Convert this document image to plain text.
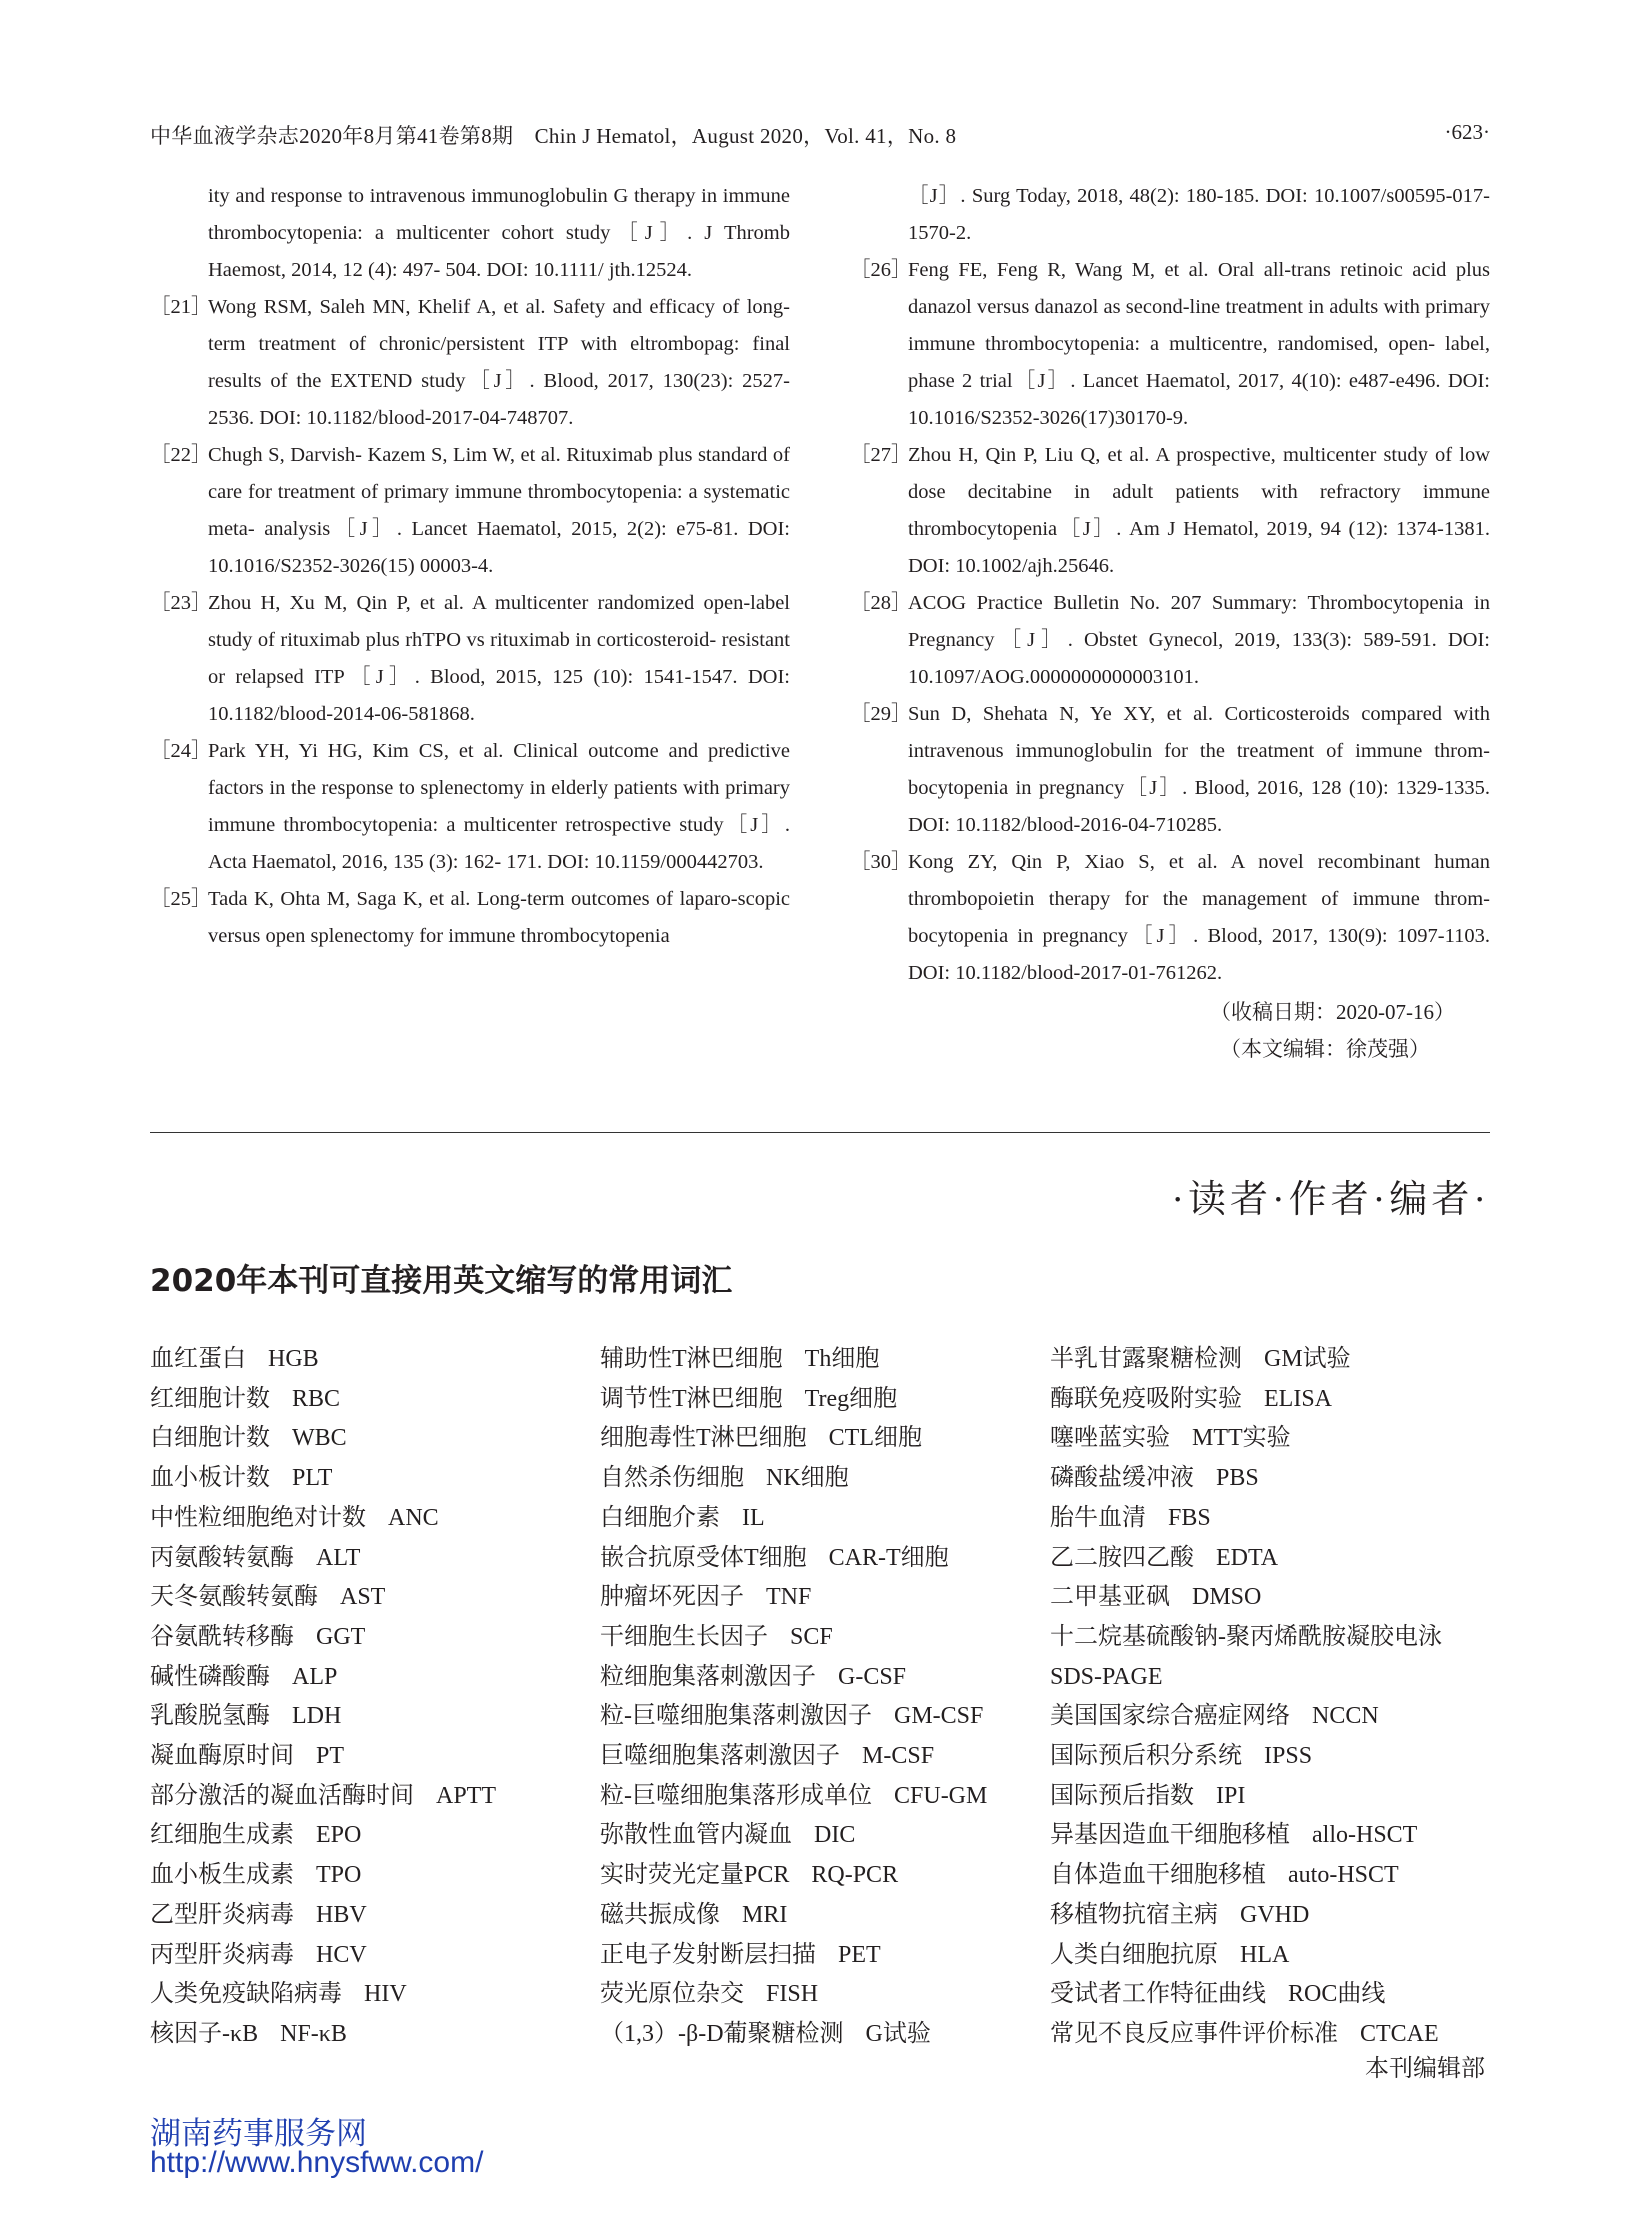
中华血液学杂志2020年8月第41卷第8期　Chin J Hematol，August 2020，Vol. 41，No. 8	·623·
ity and response to intravenous immunoglobulin G therapy in immune thrombocytopenia: a multicenter cohort study［J］. J Thromb Haemost, 2014, 12 (4): 497- 504. DOI: 10.1111/ jth.12524.
［21］
Wong RSM, Saleh MN, Khelif A, et al. Safety and efficacy of long-term treatment of chronic/persistent ITP with eltrombopag: final results of the EXTEND study［J］. Blood, 2017, 130(23): 2527-2536. DOI: 10.1182/blood-2017-04-748707.
［22］
Chugh S, Darvish- Kazem S, Lim W, et al. Rituximab plus standard of care for treatment of primary immune thrombocytopenia: a systematic meta- analysis［J］. Lancet Haematol, 2015, 2(2): e75-81. DOI: 10.1016/S2352-3026(15) 00003-4.
［23］
Zhou H, Xu M, Qin P, et al. A multicenter randomized open-label study of rituximab plus rhTPO vs rituximab in corticosteroid- resistant or relapsed ITP［J］. Blood, 2015, 125 (10): 1541-1547. DOI: 10.1182/blood-2014-06-581868.
［24］
Park YH, Yi HG, Kim CS, et al. Clinical outcome and predictive factors in the response to splenectomy in elderly patients with primary immune thrombocytopenia: a multicenter retrospective study［J］. Acta Haematol, 2016, 135 (3): 162- 171. DOI: 10.1159/000442703.
［25］
Tada K, Ohta M, Saga K, et al. Long-term outcomes of laparo-scopic versus open splenectomy for immune thrombocytopenia
［J］. Surg Today, 2018, 48(2): 180-185. DOI: 10.1007/s00595-017-1570-2.
［26］
Feng FE, Feng R, Wang M, et al. Oral all-trans retinoic acid plus danazol versus danazol as second-line treatment in adults with primary immune thrombocytopenia: a multicentre, randomised, open- label, phase 2 trial［J］. Lancet Haematol, 2017, 4(10): e487-e496. DOI: 10.1016/S2352-3026(17)30170-9.
［27］
Zhou H, Qin P, Liu Q, et al. A prospective, multicenter study of low dose decitabine in adult patients with refractory immune thrombocytopenia［J］. Am J Hematol, 2019, 94 (12): 1374-1381. DOI: 10.1002/ajh.25646.
［28］
ACOG Practice Bulletin No. 207 Summary: Thrombocytopenia in Pregnancy［J］. Obstet Gynecol, 2019, 133(3): 589-591. DOI: 10.1097/AOG.0000000000003101.
［29］
Sun D, Shehata N, Ye XY, et al. Corticosteroids compared with intravenous immunoglobulin for the treatment of immune throm-bocytopenia in pregnancy［J］. Blood, 2016, 128 (10): 1329-1335. DOI: 10.1182/blood-2016-04-710285.
［30］
Kong ZY, Qin P, Xiao S, et al. A novel recombinant human thrombopoietin therapy for the management of immune throm-bocytopenia in pregnancy［J］. Blood, 2017, 130(9): 1097-1103. DOI: 10.1182/blood-2017-01-761262.
（收稿日期：2020-07-16）
（本文编辑：徐茂强）
·读者·作者·编者·
2020年本刊可直接用英文缩写的常用词汇
血红蛋白 HGB
红细胞计数 RBC
白细胞计数 WBC
血小板计数 PLT
中性粒细胞绝对计数 ANC
丙氨酸转氨酶 ALT
天冬氨酸转氨酶 AST
谷氨酰转移酶 GGT
碱性磷酸酶 ALP
乳酸脱氢酶 LDH
凝血酶原时间 PT
部分激活的凝血活酶时间 APTT
红细胞生成素 EPO
血小板生成素 TPO
乙型肝炎病毒 HBV
丙型肝炎病毒 HCV
人类免疫缺陷病毒 HIV
核因子-κB NF-κB
辅助性T淋巴细胞 Th细胞
调节性T淋巴细胞 Treg细胞
细胞毒性T淋巴细胞 CTL细胞
自然杀伤细胞 NK细胞
白细胞介素 IL
嵌合抗原受体T细胞 CAR-T细胞
肿瘤坏死因子 TNF
干细胞生长因子 SCF
粒细胞集落刺激因子 G-CSF
粒-巨噬细胞集落刺激因子 GM-CSF
巨噬细胞集落刺激因子 M-CSF
粒-巨噬细胞集落形成单位 CFU-GM
弥散性血管内凝血 DIC
实时荧光定量PCR RQ-PCR
磁共振成像 MRI
正电子发射断层扫描 PET
荧光原位杂交 FISH
（1,3）-β-D葡聚糖检测 G试验
半乳甘露聚糖检测 GM试验
酶联免疫吸附实验 ELISA
噻唑蓝实验 MTT实验
磷酸盐缓冲液 PBS
胎牛血清 FBS
乙二胺四乙酸 EDTA
二甲基亚砜 DMSO
十二烷基硫酸钠-聚丙烯酰胺凝胶电泳
SDS-PAGE
美国国家综合癌症网络 NCCN
国际预后积分系统 IPSS
国际预后指数 IPI
异基因造血干细胞移植 allo-HSCT
自体造血干细胞移植 auto-HSCT
移植物抗宿主病 GVHD
人类白细胞抗原 HLA
受试者工作特征曲线 ROC曲线
常见不良反应事件评价标准 CTCAE
本刊编辑部
湖南药事服务网
http://www.hnysfww.com/
